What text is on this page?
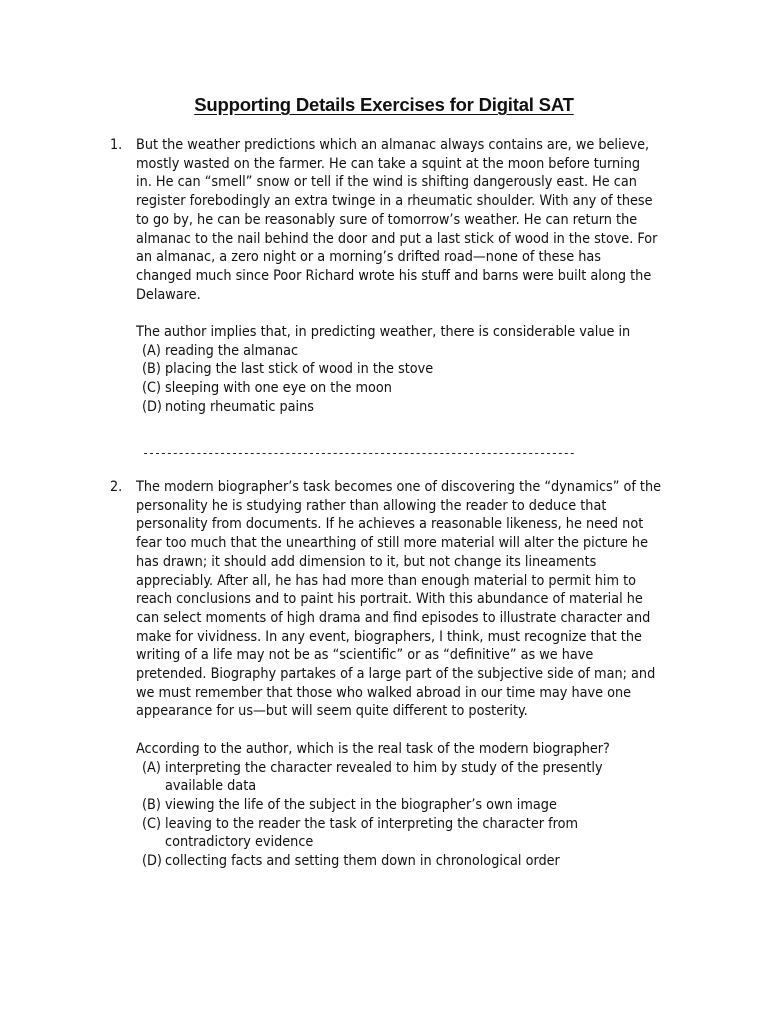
Supporting Details Exercises for Digital SAT
1. But the weather predictions which an almanac always contains are, we believe,
mostly wasted on the farmer. He can take a squint at the moon before turning
in. He can “smell” snow or tell if the wind is shifting dangerously east. He can
register forebodingly an extra twinge in a rheumatic shoulder. With any of these
to go by, he can be reasonably sure of tomorrow’s weather. He can return the
almanac to the nail behind the door and put a last stick of wood in the stove. For
an almanac, a zero night or a morning’s drifted road—none of these has
changed much since Poor Richard wrote his stuff and barns were built along the
Delaware.

The author implies that, in predicting weather, there is considerable value in

(A) reading the almanac
(B) placing the last stick of wood in the stove
(C) sleeping with one eye on the moon
(D) noting rheumatic pains
-------------------------------------------------------------------------
2. The modern biographer’s task becomes one of discovering the “dynamics” of the
personality he is studying rather than allowing the reader to deduce that
personality from documents. If he achieves a reasonable likeness, he need not
fear too much that the unearthing of still more material will alter the picture he
has drawn; it should add dimension to it, but not change its lineaments
appreciably. After all, he has had more than enough material to permit him to
reach conclusions and to paint his portrait. With this abundance of material he
can select moments of high drama and find episodes to illustrate character and
make for vividness. In any event, biographers, I think, must recognize that the
writing of a life may not be as “scientific” or as “definitive” as we have
pretended. Biography partakes of a large part of the subjective side of man; and
we must remember that those who walked abroad in our time may have one
appearance for us—but will seem quite different to posterity.

According to the author, which is the real task of the modern biographer?

(A) interpreting the character revealed to him by study of the presently
available data
(B) viewing the life of the subject in the biographer’s own image
(C) leaving to the reader the task of interpreting the character from
contradictory evidence
(D) collecting facts and setting them down in chronological order
